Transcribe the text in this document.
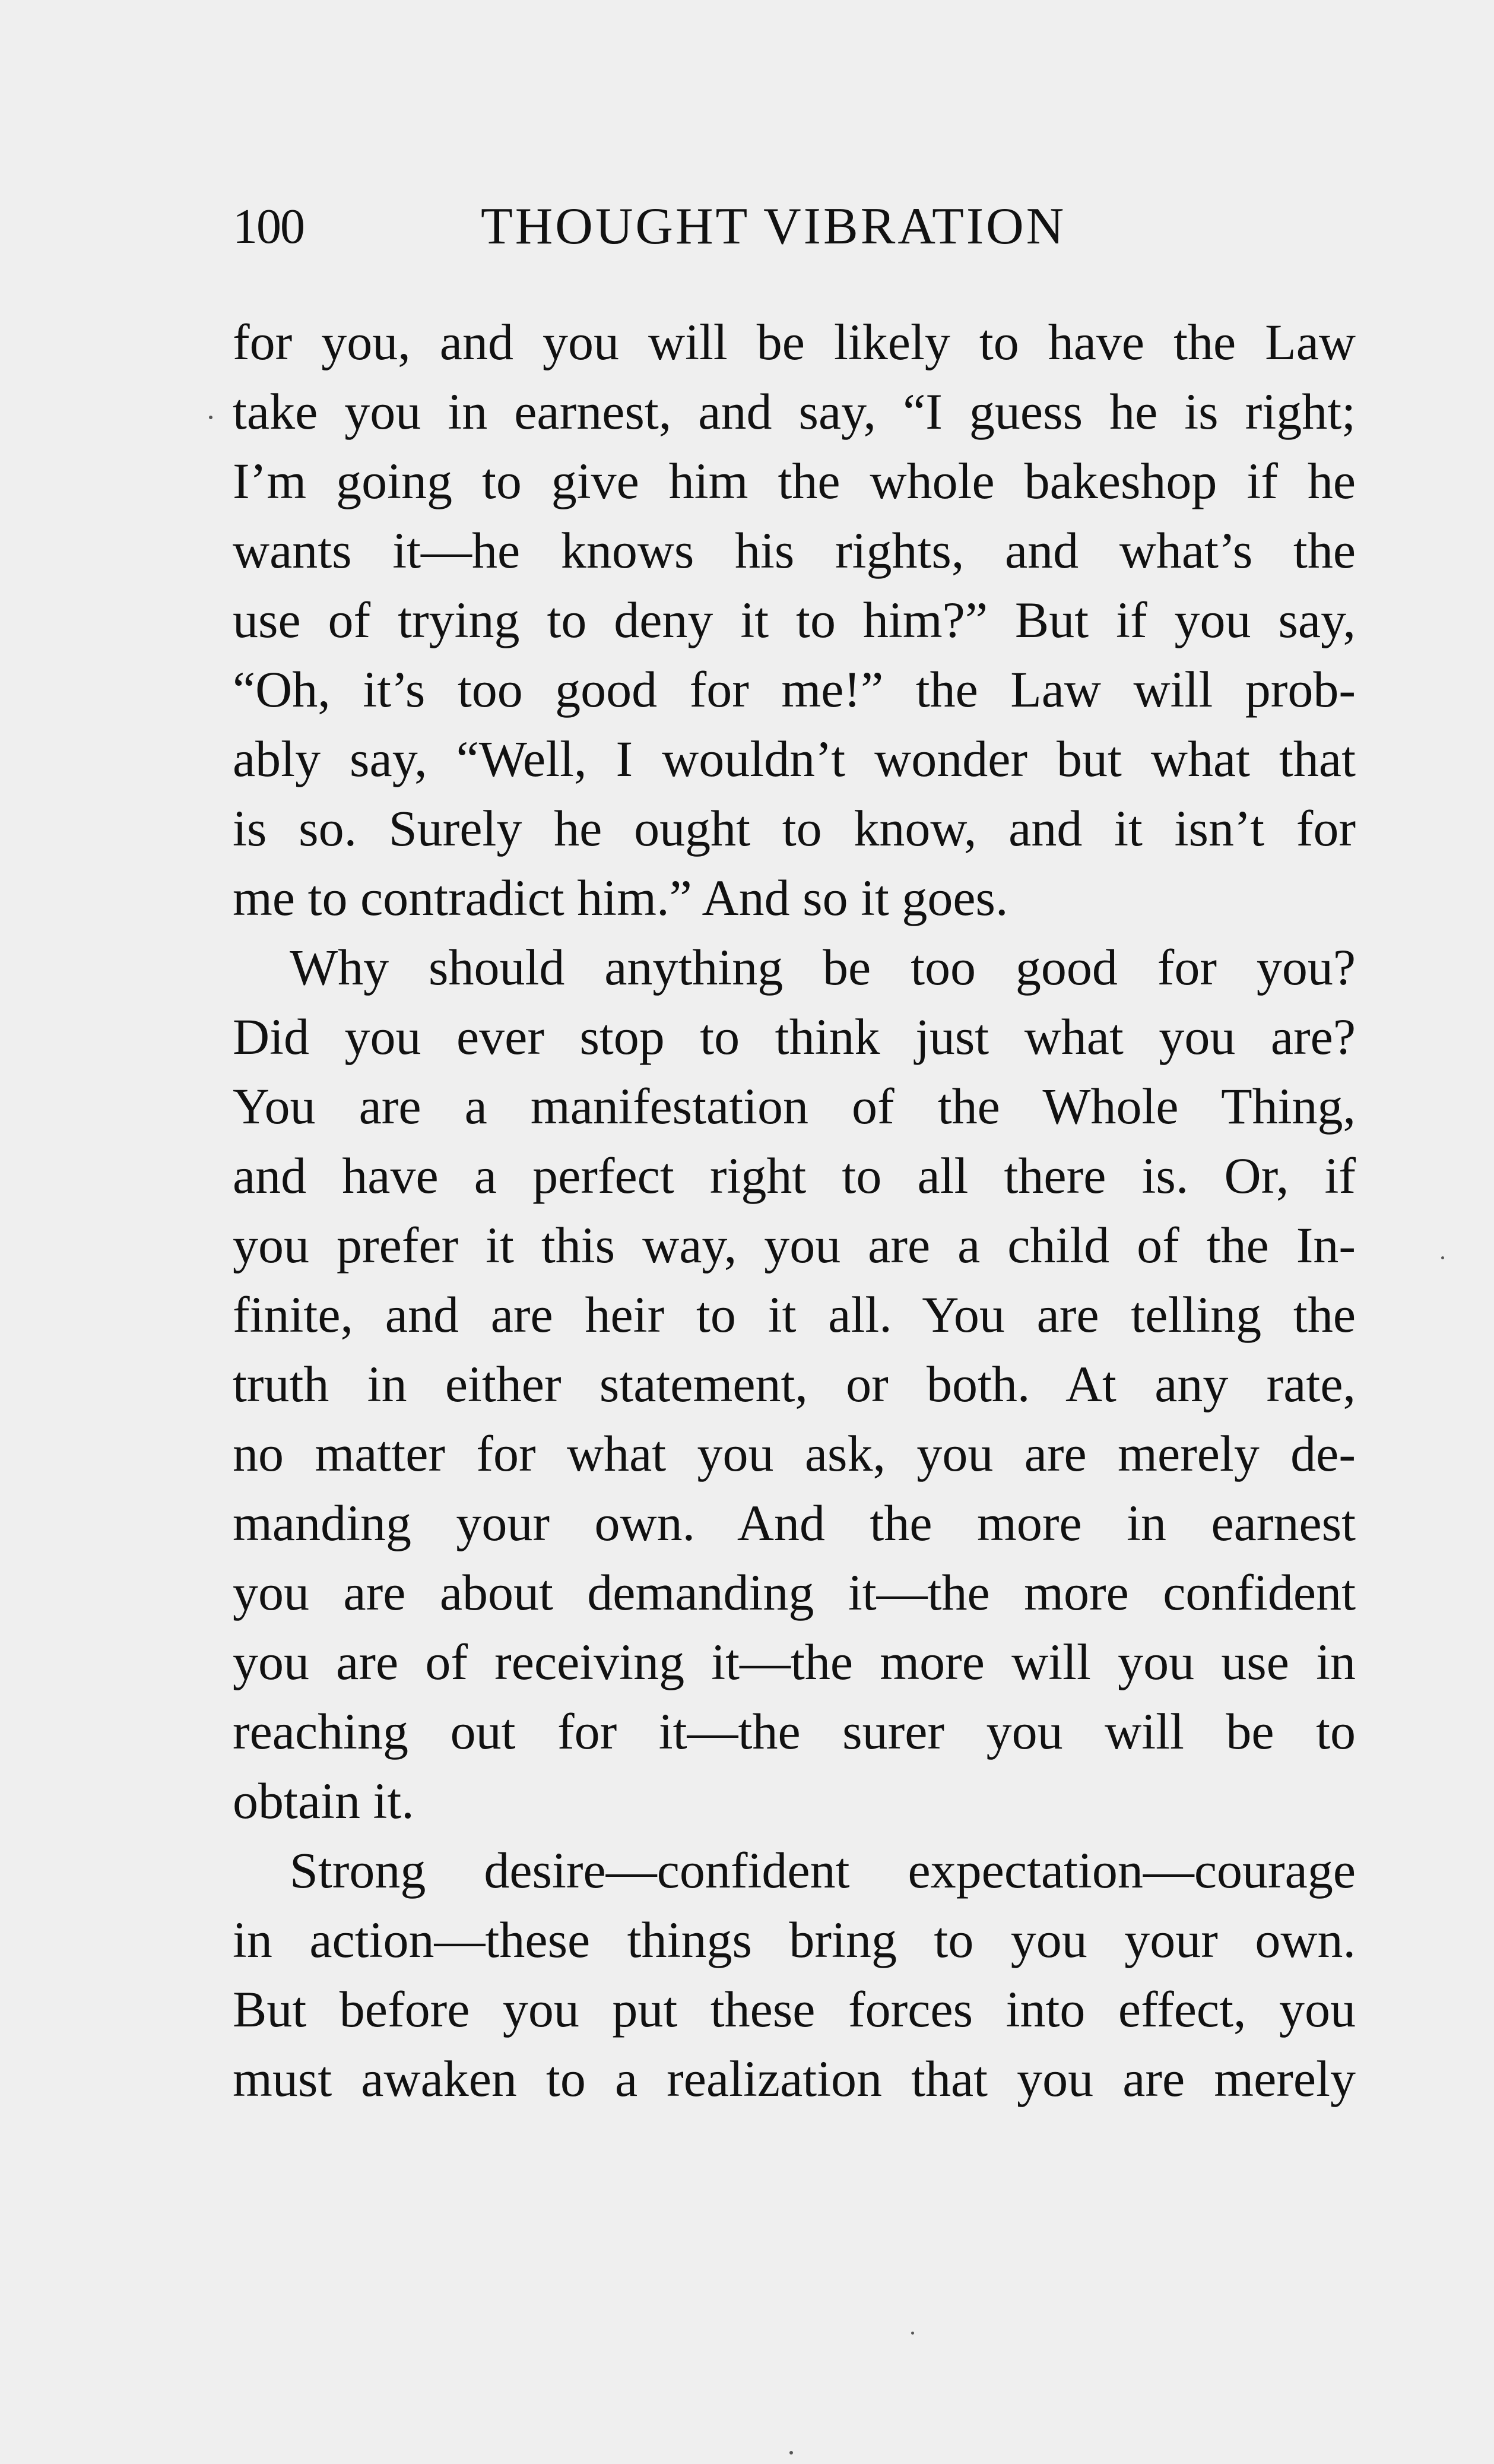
100	THOUGHT VIBRATION
for you, and you will be likely to have the Law
take you in earnest, and say, “I guess he is right;
I’m going to give him the whole bakeshop if he
wants it—he knows his rights, and what’s the
use of trying to deny it to him?” But if you say,
“Oh, it’s too good for me!” the Law will prob-
ably say, “Well, I wouldn’t wonder but what that
is so. Surely he ought to know, and it isn’t for
me to contradict him.” And so it goes.
Why should anything be too good for you?
Did you ever stop to think just what you are?
You are a manifestation of the Whole Thing,
and have a perfect right to all there is. Or, if
you prefer it this way, you are a child of the In-
finite, and are heir to it all. You are telling the
truth in either statement, or both. At any rate,
no matter for what you ask, you are merely de-
manding your own. And the more in earnest
you are about demanding it—the more confident
you are of receiving it—the more will you use in
reaching out for it—the surer you will be to
obtain it.
Strong desire—confident expectation—courage
in action—these things bring to you your own.
But before you put these forces into effect, you
must awaken to a realization that you are merely
